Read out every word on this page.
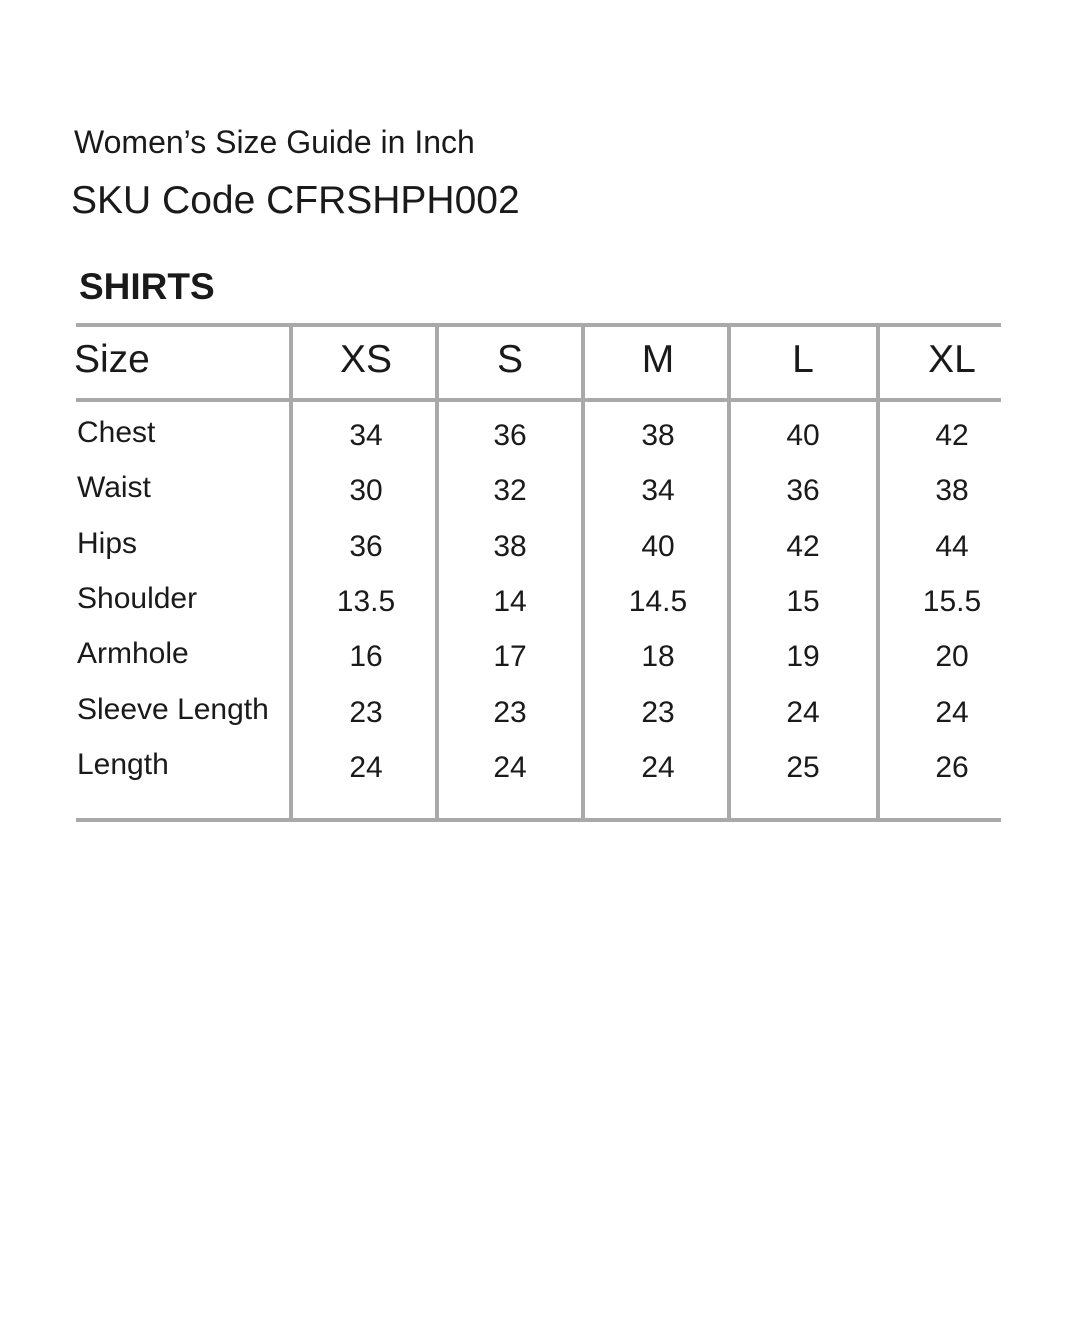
Women’s Size Guide in Inch
SKU Code CFRSHPH002
SHIRTS
Size	XS	S	M	L	XL
Chest	34	36	38	40	42
Waist	30	32	34	36	38
Hips	36	38	40	42	44
Shoulder	13.5	14	14.5	15	15.5
Armhole	16	17	18	19	20
Sleeve Length	23	23	23	24	24
Length	24	24	24	25	26
